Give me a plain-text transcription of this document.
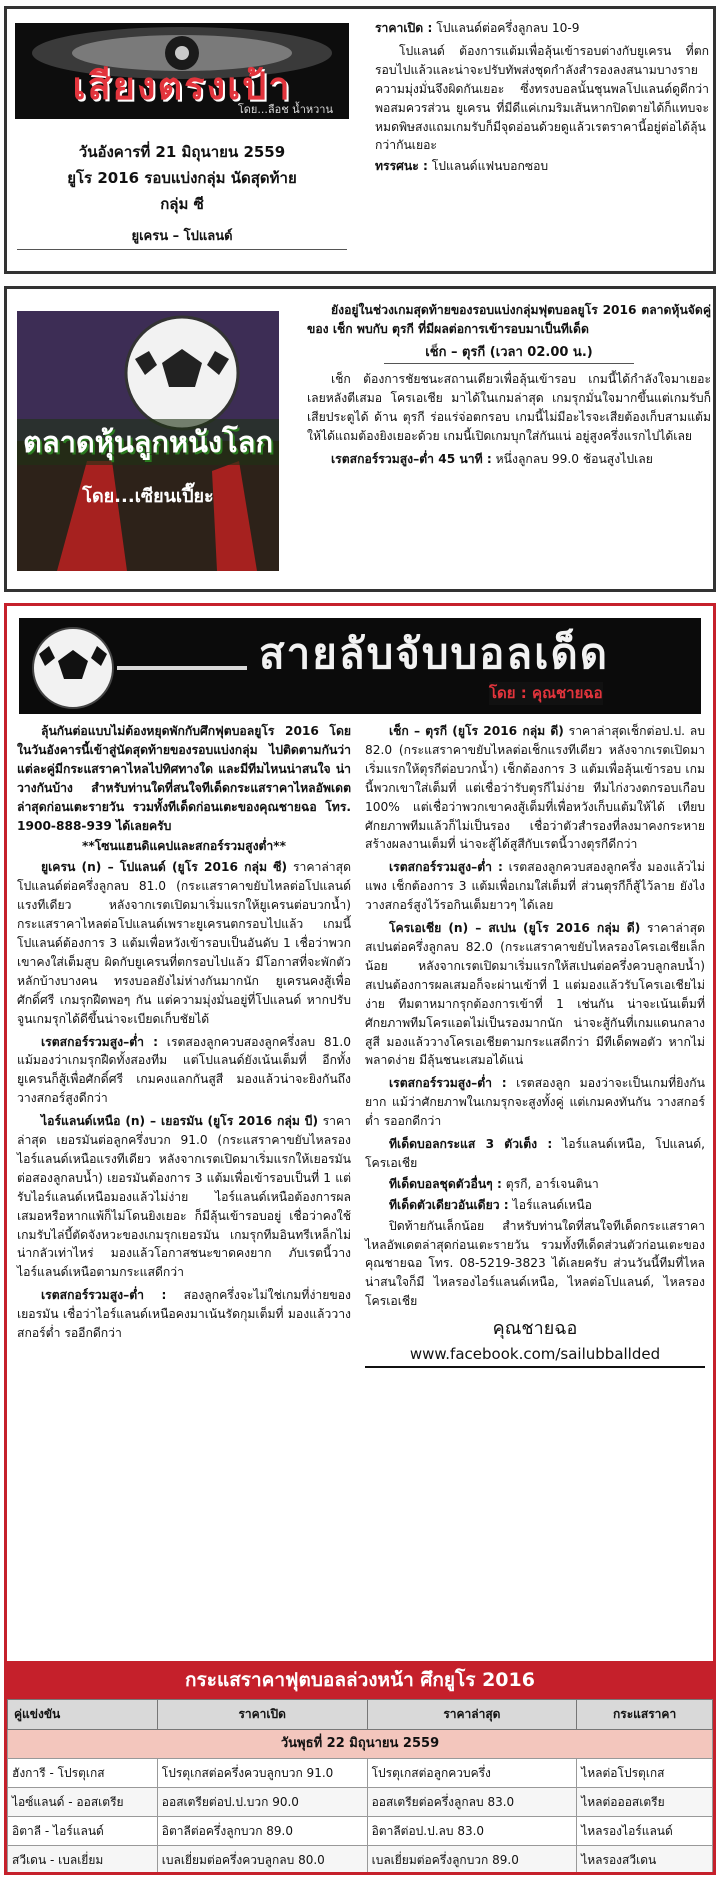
เสียงตรงเป้า
โดย...ลือช น้ำหวาน
วันอังคารที่ 21 มิถุนายน 2559
ยูโร 2016 รอบแบ่งกลุ่ม นัดสุดท้าย
กลุ่ม ซี
ยูเครน – โปแลนด์
ราคาเปิด : โปแลนด์ต่อครึ่งลูกลบ 10-9
โปแลนด์ ต้องการแต้มเพื่อลุ้นเข้ารอบต่างกับยูเครน ที่ตกรอบไปแล้วและน่าจะปรับทัพส่งชุดกำลังสำรองลงสนามบางรายความมุ่งมั่นจึงผิดกันเยอะ ซึ่งทรงบอลนั้นชุนพลโปแลนด์ดูดีกว่าพอสมควรส่วน ยูเครน ที่มีดีแค่เกมริมเส้นหากปิดตายได้ก็แทบจะหมดพิษสงแถมเกมรับก็มีจุดอ่อนด้วยดูแล้วเรตราคานี้อยู่ต่อได้ลุ้นกว่ากันเยอะ
ทรรศนะ : โปแลนด์แฟนบอกซอบ
ตลาดหุ้นลูกหนังโลก
โดย...เซียนเปี๊ยะ
ยังอยู่ในช่วงเกมสุดท้ายของรอบแบ่งกลุ่มฟุตบอลยูโร 2016 ตลาดหุ้นจัดคู่ของ เช็ก พบกับ ตุรกี ที่มีผลต่อการเข้ารอบมาเป็นทีเด็ด
เช็ก – ตุรกี (เวลา 02.00 น.)
เช็ก ต้องการชัยชนะสถานเดียวเพื่อลุ้นเข้ารอบ เกมนี้ได้กำลังใจมาเยอะเลยหลังตีเสมอ โครเอเชีย มาได้ในเกมล่าสุด เกมรุกมั่นใจมากขึ้นแต่เกมรับก็เสียประตูได้ ด้าน ตุรกี ร่อแร่จ่อตกรอบ เกมนี้ไม่มีอะไรจะเสียต้องเก็บสามแต้มให้ได้แถมต้องยิงเยอะด้วย เกมนี้เปิดเกมบุกใส่กันแน่ อยู่สูงครึ่งแรกไปได้เลย
เรตสกอร์รวมสูง–ต่ำ 45 นาที : หนึ่งลูกลบ 99.0 ช้อนสูงไปเลย
สายลับจับบอลเด็ด
โดย : คุณชายฉอ
ลุ้นกันต่อแบบไม่ต้องหยุดพักกับศึกฟุตบอลยูโร 2016 โดยในวันอังคารนี้เข้าสู่นัดสุดท้ายของรอบแบ่งกลุ่ม ไปติดตามกันว่าแต่ละคู่มีกระแสราคาไหลไปทิศทางใด และมีทีมไหนน่าสนใจ น่าวางกันบ้าง สำหรับท่านใดที่สนใจทีเด็ดกระแสราคาไหลอัพเดตล่าสุดก่อนเตะรายวัน รวมทั้งทีเด็ดก่อนเตะของคุณชายฉอ โทร. 1900-888-939 ได้เลยครับ
**โซนแฮนดิแคปและสกอร์รวมสูงต่ำ**
ยูเครน (n) – โปแลนด์ (ยูโร 2016 กลุ่ม ซี) ราคาล่าสุด โปแลนด์ต่อครึ่งลูกลบ 81.0 (กระแสราคาขยับไหลต่อโปแลนด์แรงทีเดียว หลังจากเรตเปิดมาเริ่มแรกให้ยูเครนต่อบวกน้ำ) กระแสราคาไหลต่อโปแลนด์เพราะยูเครนตกรอบไปแล้ว เกมนี้โปแลนด์ต้องการ 3 แต้มเพื่อหวังเข้ารอบเป็นอันดับ 1 เชื่อว่าพวกเขาคงใส่เต็มสูบ ผิดกับยูเครนที่ตกรอบไปแล้ว มีโอกาสที่จะพักตัวหลักบ้างบางคน ทรงบอลยังไม่ห่างกันมากนัก ยูเครนคงสู้เพื่อศักดิ์ศรี เกมรุกฝืดพอๆ กัน แต่ความมุ่งมั่นอยู่ที่โปแลนด์ หากปรับจูนเกมรุกได้ดีขึ้นน่าจะเบียดเก็บชัยได้
เรตสกอร์รวมสูง–ต่ำ : เรตสองลูกควบสองลูกครึ่งลบ 81.0 แม้มองว่าเกมรุกฝืดทั้งสองทีม แต่โปแลนด์ยังเน้นเต็มที่ อีกทั้งยูเครนก็สู้เพื่อศักดิ์ศรี เกมคงแลกกันสูสี มองแล้วน่าจะยิงกันถึง วางสกอร์สูงดีกว่า
ไอร์แลนด์เหนือ (n) – เยอรมัน (ยูโร 2016 กลุ่ม บี) ราคาล่าสุด เยอรมันต่อลูกครึ่งบวก 91.0 (กระแสราคาขยับไหลรองไอร์แลนด์เหนือแรงทีเดียว หลังจากเรตเปิดมาเริ่มแรกให้เยอรมันต่อสองลูกลบน้ำ) เยอรมันต้องการ 3 แต้มเพื่อเข้ารอบเป็นที่ 1 แต่รับไอร์แลนด์เหนือมองแล้วไม่ง่าย ไอร์แลนด์เหนือต้องการผลเสมอหรือหากแพ้ก็ไม่โดนยิงเยอะ ก็มีลุ้นเข้ารอบอยู่ เชื่อว่าคงใช้เกมรับไล่บี้ตัดจังหวะของเกมรุกเยอรมัน เกมรุกทีมอินทรีเหล็กไม่น่ากลัวเท่าไหร่ มองแล้วโอกาสชนะขาดคงยาก ภับเรตนี้วางไอร์แลนด์เหนือตามกระแสดีกว่า
เรตสกอร์รวมสูง–ต่ำ : สองลูกครึ่งจะไม่ใช่เกมที่ง่ายของเยอรมัน เชื่อว่าไอร์แลนด์เหนือคงมาเน้นรัดกุมเต็มที่ มองแล้ววางสกอร์ต่ำ รออีกดีกว่า
เช็ก – ตุรกี (ยูโร 2016 กลุ่ม ดี) ราคาล่าสุดเช็กต่อป.ป. ลบ 82.0 (กระแสราคาขยับไหลต่อเช็กแรงทีเดียว หลังจากเรตเปิดมาเริ่มแรกให้ตุรกีต่อบวกน้ำ) เช็กต้องการ 3 แต้มเพื่อลุ้นเข้ารอบ เกมนี้พวกเขาใส่เต็มที่ แต่เชื่อว่ารับตุรกีไม่ง่าย ทีมไก่งวงตกรอบเกือบ 100% แต่เชื่อว่าพวกเขาคงสู้เต็มที่เพื่อหวังเก็บแต้มให้ได้ เทียบศักยภาพทีมแล้วก็ไม่เป็นรอง เชื่อว่าตัวสำรองที่ลงมาคงกระหายสร้างผลงานเต็มที่ น่าจะสู้ได้สูสีกับเรตนี้วางตุรกีดีกว่า
เรตสกอร์รวมสูง–ต่ำ : เรตสองลูกควบสองลูกครึ่ง มองแล้วไม่แพง เช็กต้องการ 3 แต้มเพื่อเกมใส่เต็มที่ ส่วนตุรกีก็สู้ไว้ลาย ยังไงวางสกอร์สูงไว้รอกินเต็มยาวๆ ได้เลย
โครเอเชีย (n) – สเปน (ยูโร 2016 กลุ่ม ดี) ราคาล่าสุดสเปนต่อครึ่งลูกลบ 82.0 (กระแสราคาขยับไหลรองโครเอเชียเล็กน้อย หลังจากเรตเปิดมาเริ่มแรกให้สเปนต่อครึ่งควบลูกลบน้ำ) สเปนต้องการผลเสมอก็จะผ่านเข้าที่ 1 แต่มองแล้วรับโครเอเชียไม่ง่าย ทีมตาหมากรุกต้องการเข้าที่ 1 เช่นกัน น่าจะเน้นเต็มที่ ศักยภาพทีมโครแอตไม่เป็นรองมากนัก น่าจะสู้กันที่เกมแดนกลางสูสี มองแล้ววางโครเอเชียตามกระแสดีกว่า มีทีเด็ดพอตัว หากไม่พลาดง่าย มีลุ้นชนะเสมอได้แน่
เรตสกอร์รวมสูง–ต่ำ : เรตสองลูก มองว่าจะเป็นเกมที่ยิงกันยาก แม้ว่าศักยภาพในเกมรุกจะสูงทั้งคู่ แต่เกมคงทันกัน วางสกอร์ต่ำ รออกดีกว่า
ทีเด็ดบอลกระแส 3 ตัวเต็ง : ไอร์แลนด์เหนือ, โปแลนด์, โครเอเชีย
ทีเด็ดบอลชุดตัวอื่นๆ : ตุรกี, อาร์เจนตินา
ทีเด็ดตัวเดียวอันเดียว : ไอร์แลนด์เหนือ
ปิดท้ายกันเล็กน้อย สำหรับท่านใดที่สนใจทีเด็ดกระแสราคาไหลอัพเดตล่าสุดก่อนเตะรายวัน รวมทั้งทีเด็ดส่วนตัวก่อนเตะของคุณชายฉอ โทร. 08-5219-3823 ได้เลยครับ ส่วนวันนี้ทีมที่ไหลน่าสนใจก็มี ไหลรองไอร์แลนด์เหนือ, ไหลต่อโปแลนด์, ไหลรองโครเอเชีย
คุณชายฉอ
www.facebook.com/sailubballded
กระแสราคาฟุตบอลล่วงหน้า ศึกยูโร 2016
คู่แข่งขัน	ราคาเปิด	ราคาล่าสุด	กระแสราคา
วันพุธที่ 22 มิถุนายน 2559			
ฮังการี - โปรตุเกส	โปรตุเกสต่อครึ่งควบลูกบวก 91.0	โปรตุเกสต่อลูกควบครึ่ง	ไหลต่อโปรตุเกส
ไอซ์แลนด์ - ออสเตรีย	ออสเตรียต่อป.ป.บวก 90.0	ออสเตรียต่อครึ่งลูกลบ 83.0	ไหลต่อออสเตรีย
อิตาลี - ไอร์แลนด์	อิตาลีต่อครึ่งลูกบวก 89.0	อิตาลีต่อป.ป.ลบ 83.0	ไหลรองไอร์แลนด์
สวีเดน - เบลเยี่ยม	เบลเยี่ยมต่อครึ่งควบลูกลบ 80.0	เบลเยี่ยมต่อครึ่งลูกบวก 89.0	ไหลรองสวีเดน
